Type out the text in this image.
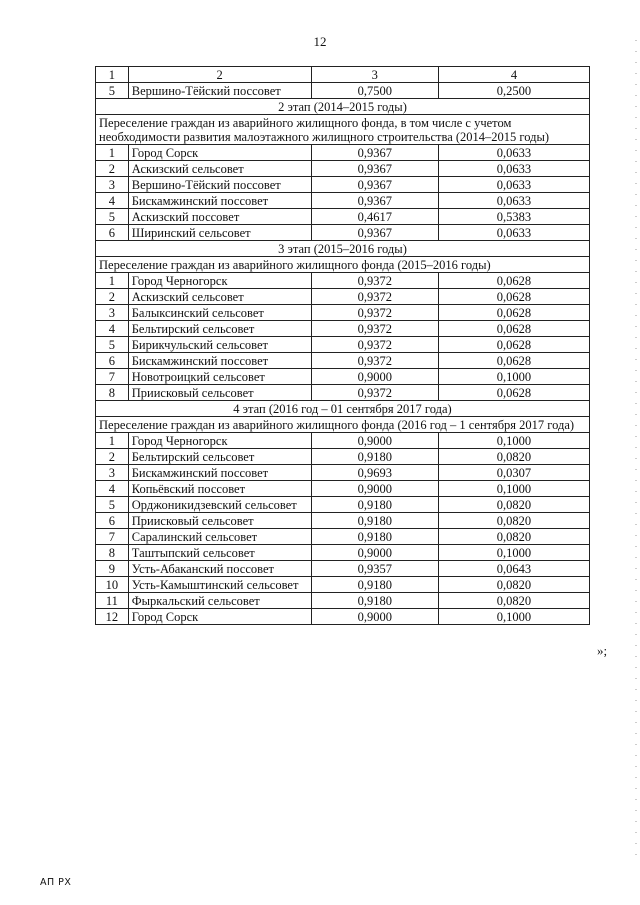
12
1	2	3	4
5	Вершино-Тёйский поссовет	0,7500	0,2500
2 этап (2014–2015 годы)			
Переселение граждан из аварийного жилищного фонда, в том числе с учетом необходимости развития малоэтажного жилищного строительства (2014–2015 годы)			
1	Город Сорск	0,9367	0,0633
2	Аскизский сельсовет	0,9367	0,0633
3	Вершино-Тёйский поссовет	0,9367	0,0633
4	Бискамжинский поссовет	0,9367	0,0633
5	Аскизский поссовет	0,4617	0,5383
6	Ширинский сельсовет	0,9367	0,0633
3 этап (2015–2016 годы)			
Переселение граждан из аварийного жилищного фонда (2015–2016 годы)			
1	Город Черногорск	0,9372	0,0628
2	Аскизский сельсовет	0,9372	0,0628
3	Балыксинский сельсовет	0,9372	0,0628
4	Бельтирский сельсовет	0,9372	0,0628
5	Бирикчульский сельсовет	0,9372	0,0628
6	Бискамжинский поссовет	0,9372	0,0628
7	Новотроицкий сельсовет	0,9000	0,1000
8	Приисковый сельсовет	0,9372	0,0628
4 этап (2016 год – 01 сентября 2017 года)			
Переселение граждан из аварийного жилищного фонда (2016 год – 1 сентября 2017 года)			
1	Город Черногорск	0,9000	0,1000
2	Бельтирский сельсовет	0,9180	0,0820
3	Бискамжинский поссовет	0,9693	0,0307
4	Копьёвский поссовет	0,9000	0,1000
5	Орджоникидзевский сельсовет	0,9180	0,0820
6	Приисковый сельсовет	0,9180	0,0820
7	Саралинский сельсовет	0,9180	0,0820
8	Таштыпский сельсовет	0,9000	0,1000
9	Усть-Абаканский поссовет	0,9357	0,0643
10	Усть-Камыштинский сельсовет	0,9180	0,0820
11	Фыркальский сельсовет	0,9180	0,0820
12	Город Сорск	0,9000	0,1000
»;
АП РХ
